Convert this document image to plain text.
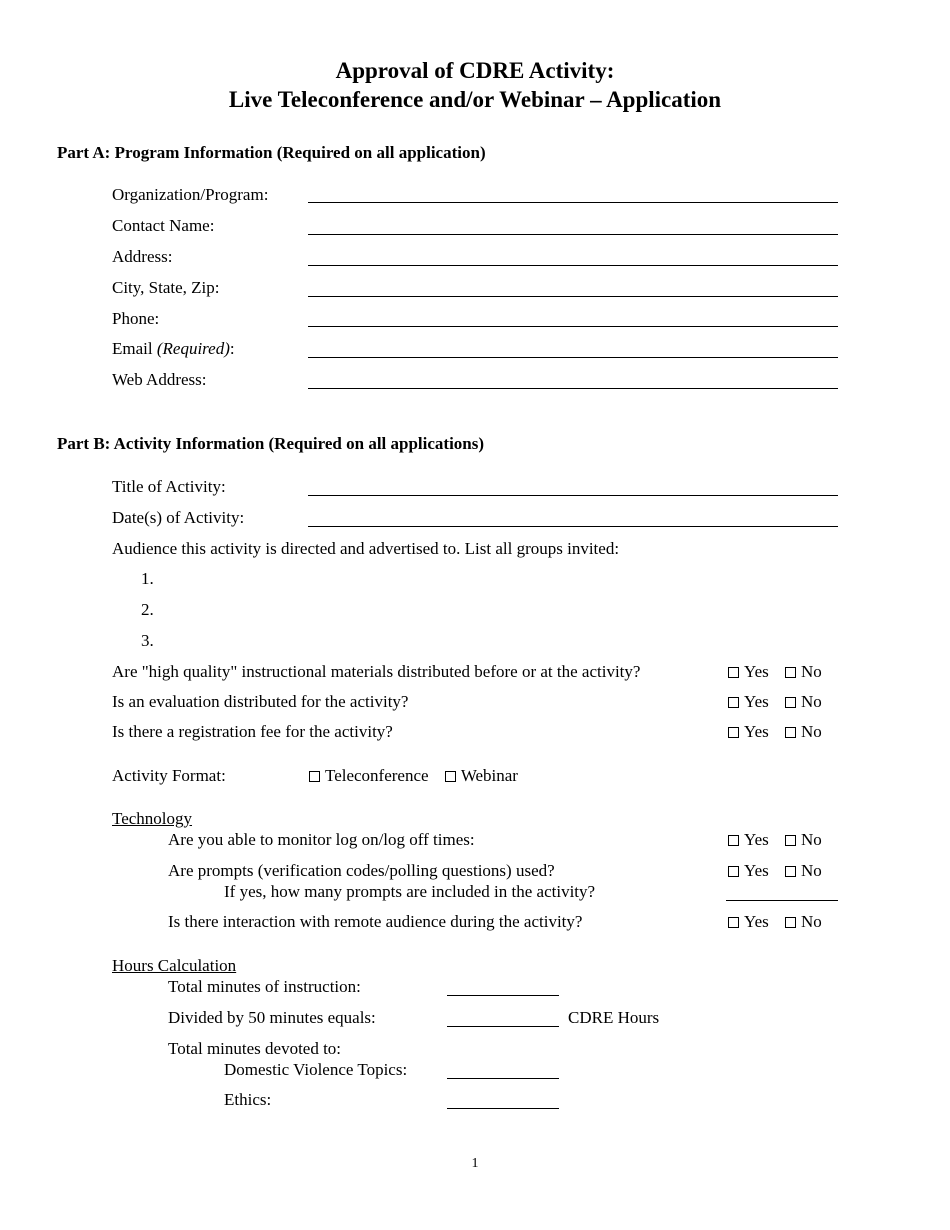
Approval of CDRE Activity:
Live Teleconference and/or Webinar – Application
Part A: Program Information (Required on all application)
Organization/Program:
Contact Name:
Address:
City, State, Zip:
Phone:
Email (Required):
Web Address:
Part B: Activity Information (Required on all applications)
Title of Activity:
Date(s) of Activity:
Audience this activity is directed and advertised to. List all groups invited:
1.
2.
3.
Are "high quality" instructional materials distributed before or at the activity?	Yes No
Is an evaluation distributed for the activity?	Yes No
Is there a registration fee for the activity?	Yes No
Activity Format:	Teleconference Webinar
Technology
Are you able to monitor log on/log off times:	Yes No
Are prompts (verification codes/polling questions) used?	Yes No
If yes, how many prompts are included in the activity?
Is there interaction with remote audience during the activity?	Yes No
Hours Calculation
Total minutes of instruction:
Divided by 50 minutes equals:	CDRE Hours
Total minutes devoted to:
Domestic Violence Topics:
Ethics:
1
